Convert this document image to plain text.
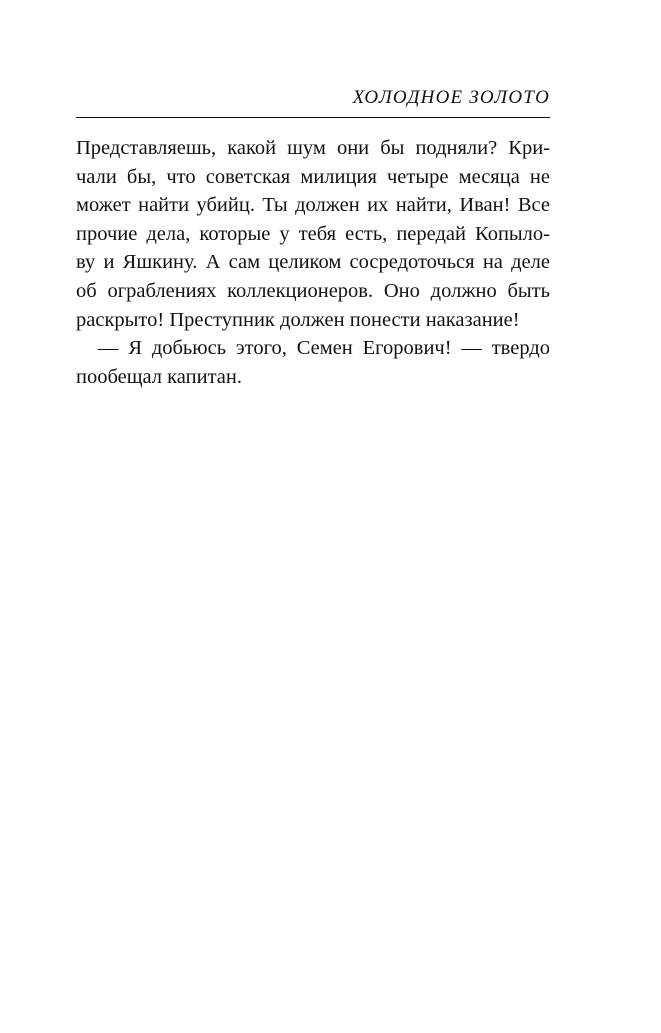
ХОЛОДНОЕ ЗОЛОТО
Представляешь, какой шум они бы подняли? Кри-
чали бы, что советская милиция четыре месяца не
может найти убийц. Ты должен их найти, Иван! Все
прочие дела, которые у тебя есть, передай Копыло-
ву и Яшкину. А сам целиком сосредоточься на деле
об ограблениях коллекционеров. Оно должно быть
раскрыто! Преступник должен понести наказание!
— Я добьюсь этого, Семен Егорович! — твердо
пообещал капитан.
